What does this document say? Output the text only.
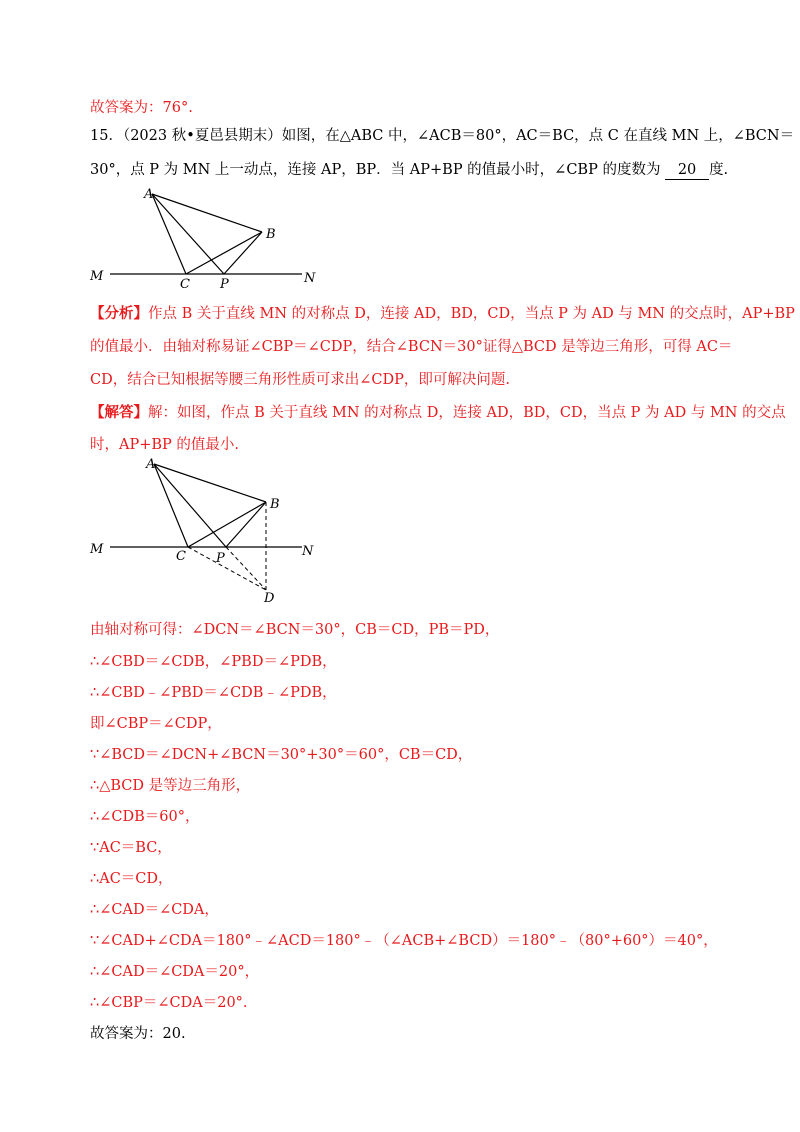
故答案为：76°.
15．（2023 秋•夏邑县期末）如图，在△ABC 中，∠ACB＝80°，AC＝BC，点 C 在直线 MN 上，∠BCN＝
30°，点 P 为 MN 上一动点，连接 AP，BP．当 AP+BP 的值最小时，∠CBP 的度数为 20 度.
A
B
C P
M	N
【分析】作点 B 关于直线 MN 的对称点 D，连接 AD，BD，CD，当点 P 为 AD 与 MN 的交点时，AP+BP
的值最小．由轴对称易证∠CBP＝∠CDP，结合∠BCN＝30°证得△BCD 是等边三角形，可得 AC＝
CD，结合已知根据等腰三角形性质可求出∠CDP，即可解决问题.
【解答】解：如图，作点 B 关于直线 MN 的对称点 D，连接 AD，BD，CD，当点 P 为 AD 与 MN 的交点
时，AP+BP 的值最小.
A
B
C P
M	N
D
由轴对称可得：∠DCN＝∠BCN＝30°，CB＝CD，PB＝PD，
∴∠CBD＝∠CDB，∠PBD＝∠PDB，
∴∠CBD﹣∠PBD＝∠CDB﹣∠PDB，
即∠CBP＝∠CDP，
∵∠BCD＝∠DCN+∠BCN＝30°+30°＝60°，CB＝CD，
∴△BCD 是等边三角形，
∴∠CDB＝60°，
∵AC＝BC，
∴AC＝CD，
∴∠CAD＝∠CDA，
∵∠CAD+∠CDA＝180°﹣∠ACD＝180°﹣（∠ACB+∠BCD）＝180°﹣（80°+60°）＝40°，
∴∠CAD＝∠CDA＝20°，
∴∠CBP＝∠CDA＝20°.
故答案为：20.
